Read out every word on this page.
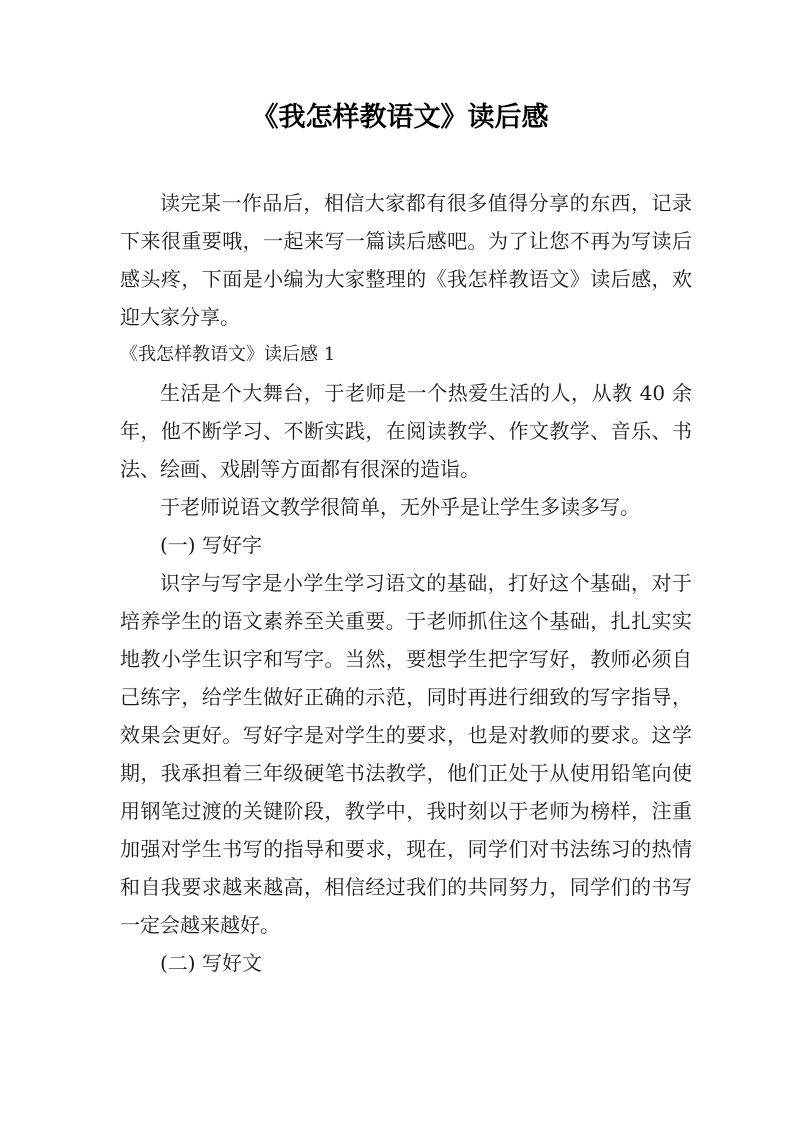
《我怎样教语文》读后感

读完某一作品后，相信大家都有很多值得分享的东西，记录下来很重要哦，一起来写一篇读后感吧。为了让您不再为写读后感头疼，下面是小编为大家整理的《我怎样教语文》读后感，欢迎大家分享。

《我怎样教语文》读后感 1

生活是个大舞台，于老师是一个热爱生活的人，从教 40 余年，他不断学习、不断实践，在阅读教学、作文教学、音乐、书法、绘画、戏剧等方面都有很深的造诣。

于老师说语文教学很简单，无外乎是让学生多读多写。

(一) 写好字

识字与写字是小学生学习语文的基础，打好这个基础，对于培养学生的语文素养至关重要。于老师抓住这个基础，扎扎实实地教小学生识字和写字。当然，要想学生把字写好，教师必须自己练字，给学生做好正确的示范，同时再进行细致的写字指导，效果会更好。写好字是对学生的要求，也是对教师的要求。这学期，我承担着三年级硬笔书法教学，他们正处于从使用铅笔向使用钢笔过渡的关键阶段，教学中，我时刻以于老师为榜样，注重加强对学生书写的指导和要求，现在，同学们对书法练习的热情和自我要求越来越高，相信经过我们的共同努力，同学们的书写一定会越来越好。

(二) 写好文
